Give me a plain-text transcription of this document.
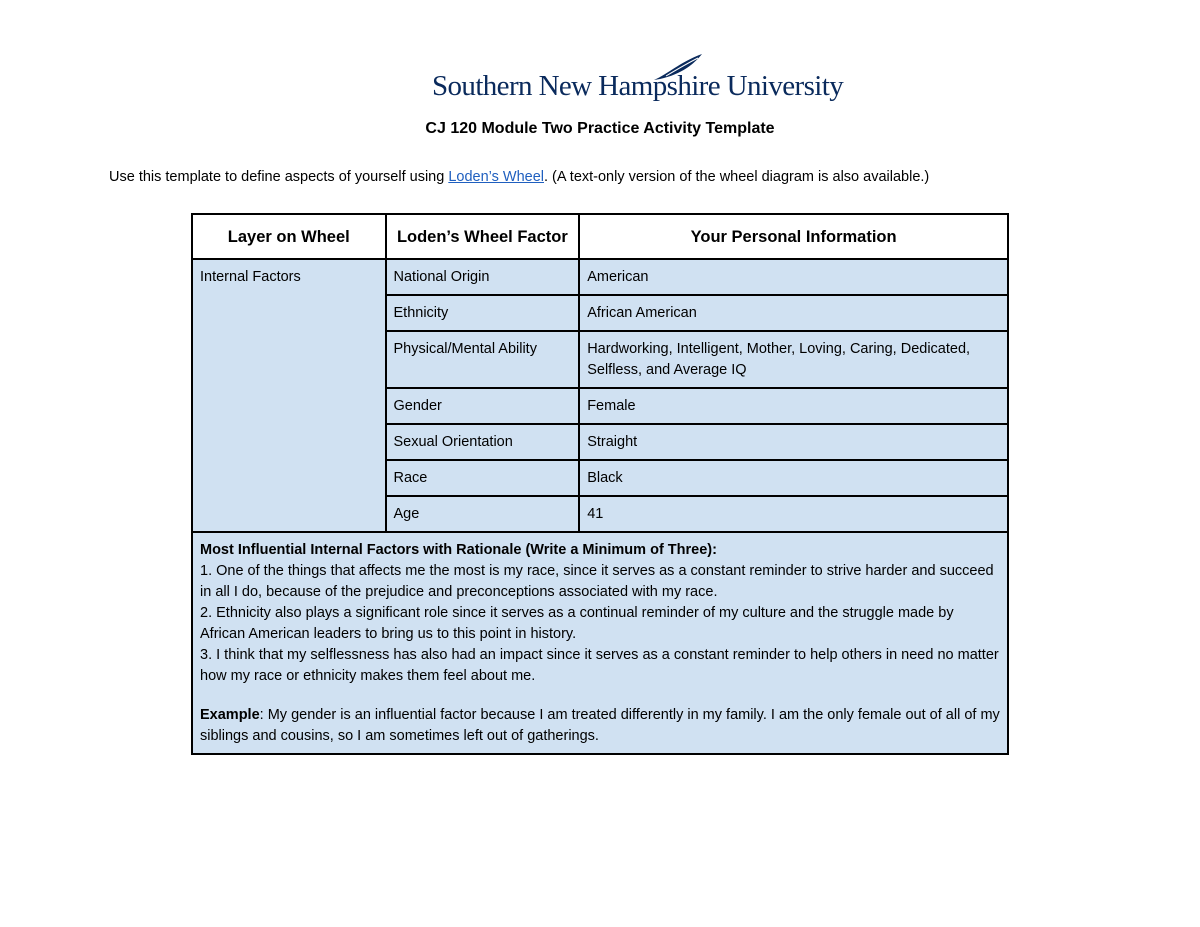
Southern New Hampshire University
CJ 120 Module Two Practice Activity Template
Use this template to define aspects of yourself using Loden’s Wheel. (A text-only version of the wheel diagram is also available.)
Layer on Wheel	Loden’s Wheel Factor	Your Personal Information
Internal Factors	National Origin	American
	Ethnicity	African American
	Physical/Mental Ability	Hardworking, Intelligent, Mother, Loving, Caring, Dedicated, Selfless, and Average IQ
	Gender	Female
	Sexual Orientation	Straight
	Race	Black
	Age	41

Most Influential Internal Factors with Rationale (Write a Minimum of Three):

1. One of the things that affects me the most is my race, since it serves as a constant reminder to strive harder and succeed in all I do, because of the prejudice and preconceptions associated with my race.

2. Ethnicity also plays a significant role since it serves as a continual reminder of my culture and the struggle made by African American leaders to bring us to this point in history.

3. I think that my selflessness has also had an impact since it serves as a constant reminder to help others in need no matter how my race or ethnicity makes them feel about me.

Example: My gender is an influential factor because I am treated differently in my family. I am the only female out of all of my siblings and cousins, so I am sometimes left out of gatherings.		
